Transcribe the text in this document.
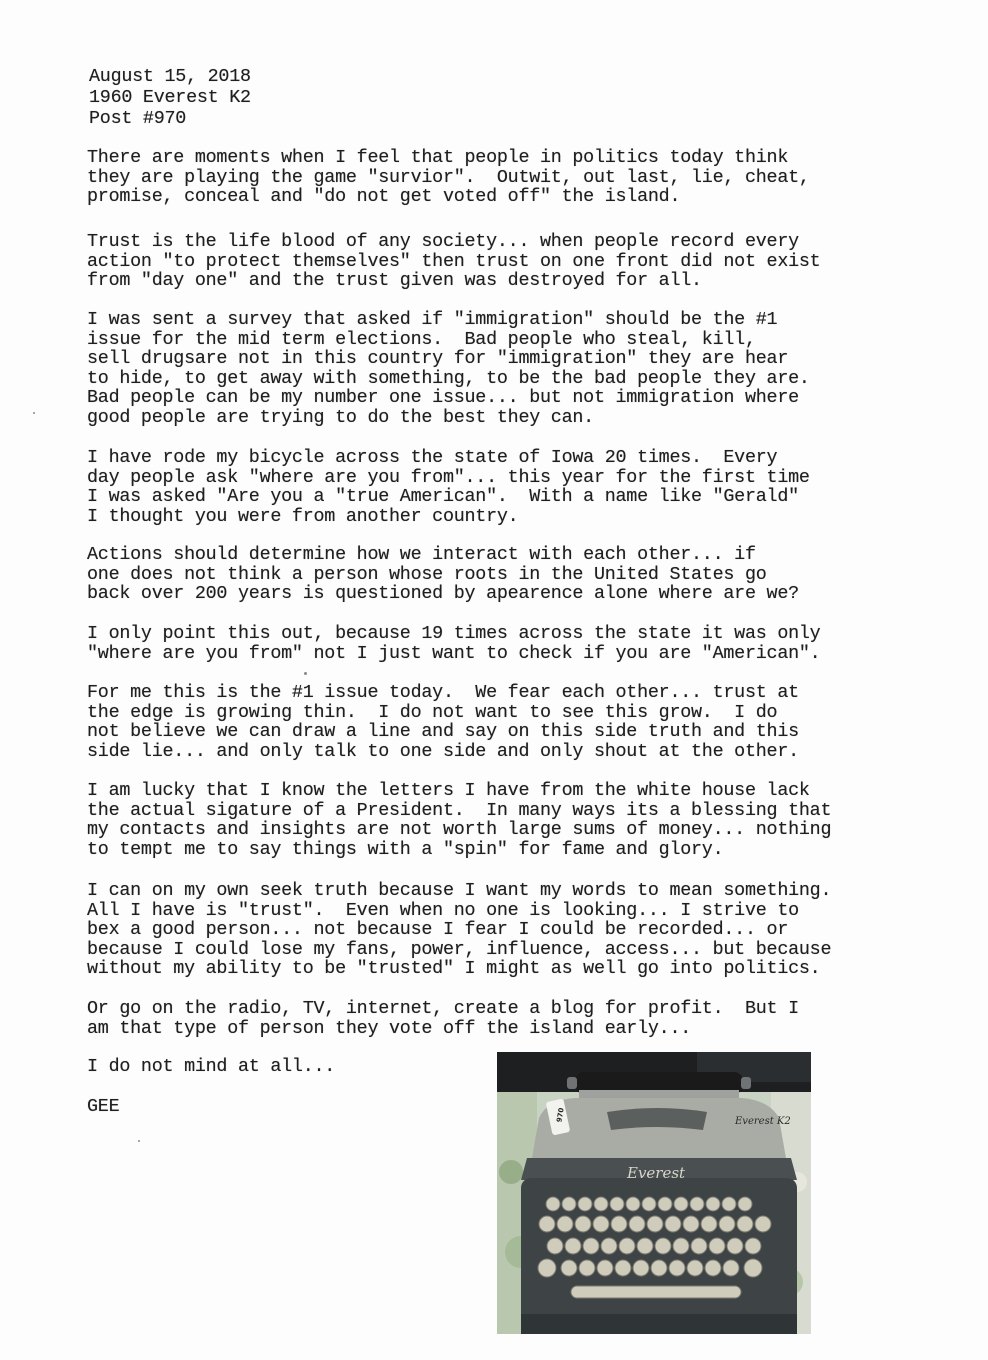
August 15, 2018
1960 Everest K2
Post #970
There are moments when I feel that people in politics today think
they are playing the game "survior".  Outwit, out last, lie, cheat,
promise, conceal and "do not get voted off" the island.
Trust is the life blood of any society... when people record every
action "to protect themselves" then trust on one front did not exist
from "day one" and the trust given was destroyed for all.
I was sent a survey that asked if "immigration" should be the #1
issue for the mid term elections.  Bad people who steal, kill,
sell drugsare not in this country for "immigration" they are hear
to hide, to get away with something, to be the bad people they are.
Bad people can be my number one issue... but not immigration where
good people are trying to do the best they can.
I have rode my bicycle across the state of Iowa 20 times.  Every
day people ask "where are you from"... this year for the first time
I was asked "Are you a "true American".  With a name like "Gerald"
I thought you were from another country.
Actions should determine how we interact with each other... if
one does not think a person whose roots in the United States go
back over 200 years is questioned by apearence alone where are we?
I only point this out, because 19 times across the state it was only
"where are you from" not I just want to check if you are "American".
For me this is the #1 issue today.  We fear each other... trust at
the edge is growing thin.  I do not want to see this grow.  I do
not believe we can draw a line and say on this side truth and this
side lie... and only talk to one side and only shout at the other.
I am lucky that I know the letters I have from the white house lack
the actual sigature of a President.  In many ways its a blessing that
my contacts and insights are not worth large sums of money... nothing
to tempt me to say things with a "spin" for fame and glory.
I can on my own seek truth because I want my words to mean something.
All I have is "trust".  Even when no one is looking... I strive to
bex a good person... not because I fear I could be recorded... or
because I could lose my fans, power, influence, access... but because
without my ability to be "trusted" I might as well go into politics.
Or go on the radio, TV, internet, create a blog for profit.  But I
am that type of person they vote off the island early...
I do not mind at all...
GEE
Everest K2
970
Everest
